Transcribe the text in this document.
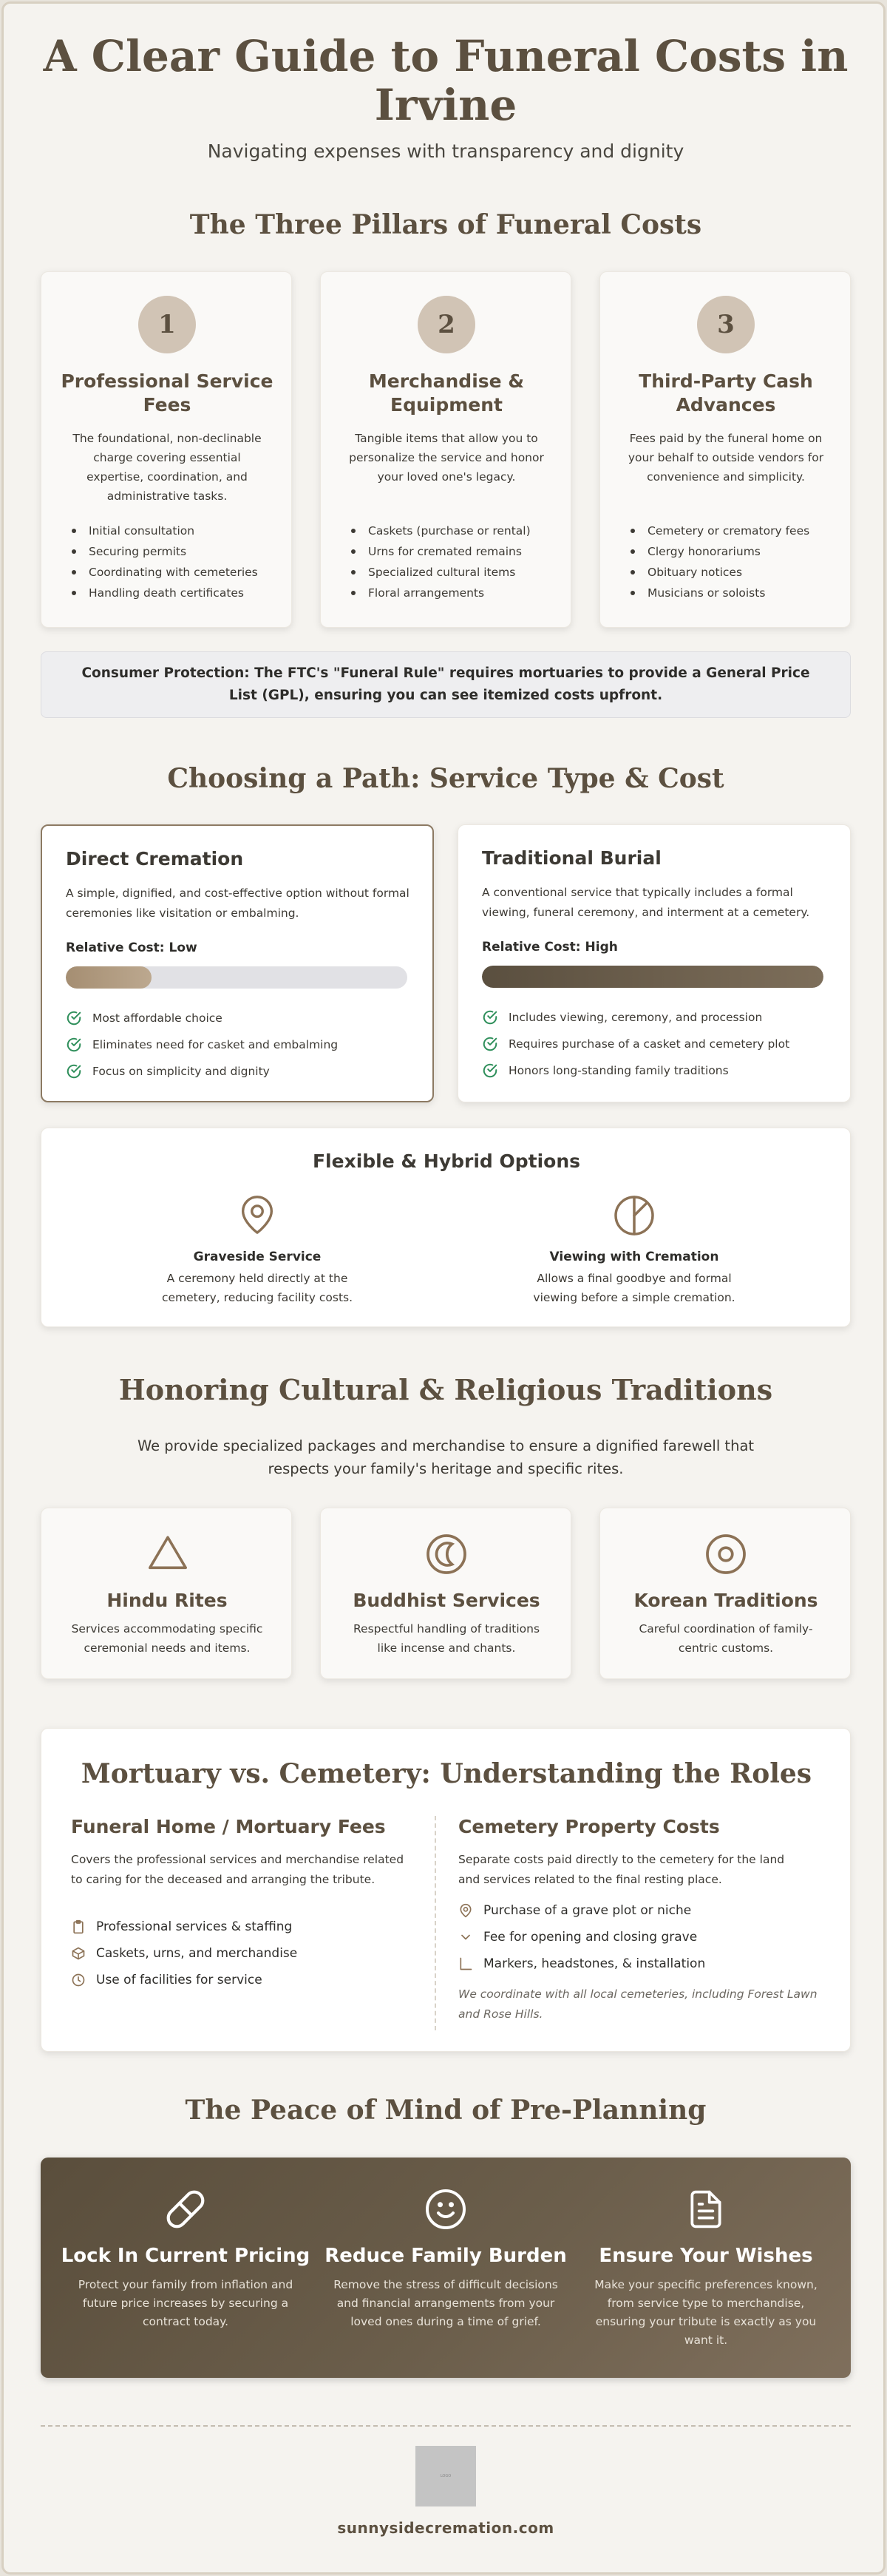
A Clear Guide to Funeral Costs in Irvine
Navigating expenses with transparency and dignity
The Three Pillars of Funeral Costs
1
Professional Service Fees
The foundational, non-declinable charge covering essential expertise, coordination, and administrative tasks.
Initial consultation
Securing permits
Coordinating with cemeteries
Handling death certificates
2
Merchandise & Equipment
Tangible items that allow you to personalize the service and honor your loved one's legacy.
Caskets (purchase or rental)
Urns for cremated remains
Specialized cultural items
Floral arrangements
3
Third-Party Cash Advances
Fees paid by the funeral home on your behalf to outside vendors for convenience and simplicity.
Cemetery or crematory fees
Clergy honorariums
Obituary notices
Musicians or soloists
Consumer Protection: The FTC's "Funeral Rule" requires mortuaries to provide a General Price List (GPL), ensuring you can see itemized costs upfront.
Choosing a Path: Service Type & Cost
Direct Cremation
A simple, dignified, and cost-effective option without formal ceremonies like visitation or embalming.
Relative Cost: Low
Most affordable choice
Eliminates need for casket and embalming
Focus on simplicity and dignity
Traditional Burial
A conventional service that typically includes a formal viewing, funeral ceremony, and interment at a cemetery.
Relative Cost: High
Includes viewing, ceremony, and procession
Requires purchase of a casket and cemetery plot
Honors long-standing family traditions
Flexible & Hybrid Options
Graveside Service
A ceremony held directly at the cemetery, reducing facility costs.
Viewing with Cremation
Allows a final goodbye and formal viewing before a simple cremation.
Honoring Cultural & Religious Traditions
We provide specialized packages and merchandise to ensure a dignified farewell that respects your family's heritage and specific rites.
Hindu Rites
Services accommodating specific ceremonial needs and items.
Buddhist Services
Respectful handling of traditions like incense and chants.
Korean Traditions
Careful coordination of family-centric customs.
Mortuary vs. Cemetery: Understanding the Roles
Funeral Home / Mortuary Fees
Covers the professional services and merchandise related to caring for the deceased and arranging the tribute.
Professional services & staffing
Caskets, urns, and merchandise
Use of facilities for service
Cemetery Property Costs
Separate costs paid directly to the cemetery for the land and services related to the final resting place.
Purchase of a grave plot or niche
Fee for opening and closing grave
Markers, headstones, & installation
We coordinate with all local cemeteries, including Forest Lawn and Rose Hills.
The Peace of Mind of Pre-Planning
Lock In Current Pricing
Protect your family from inflation and future price increases by securing a contract today.
Reduce Family Burden
Remove the stress of difficult decisions and financial arrangements from your loved ones during a time of grief.
Ensure Your Wishes
Make your specific preferences known, from service type to merchandise, ensuring your tribute is exactly as you want it.
LOGO
sunnysidecremation.com
